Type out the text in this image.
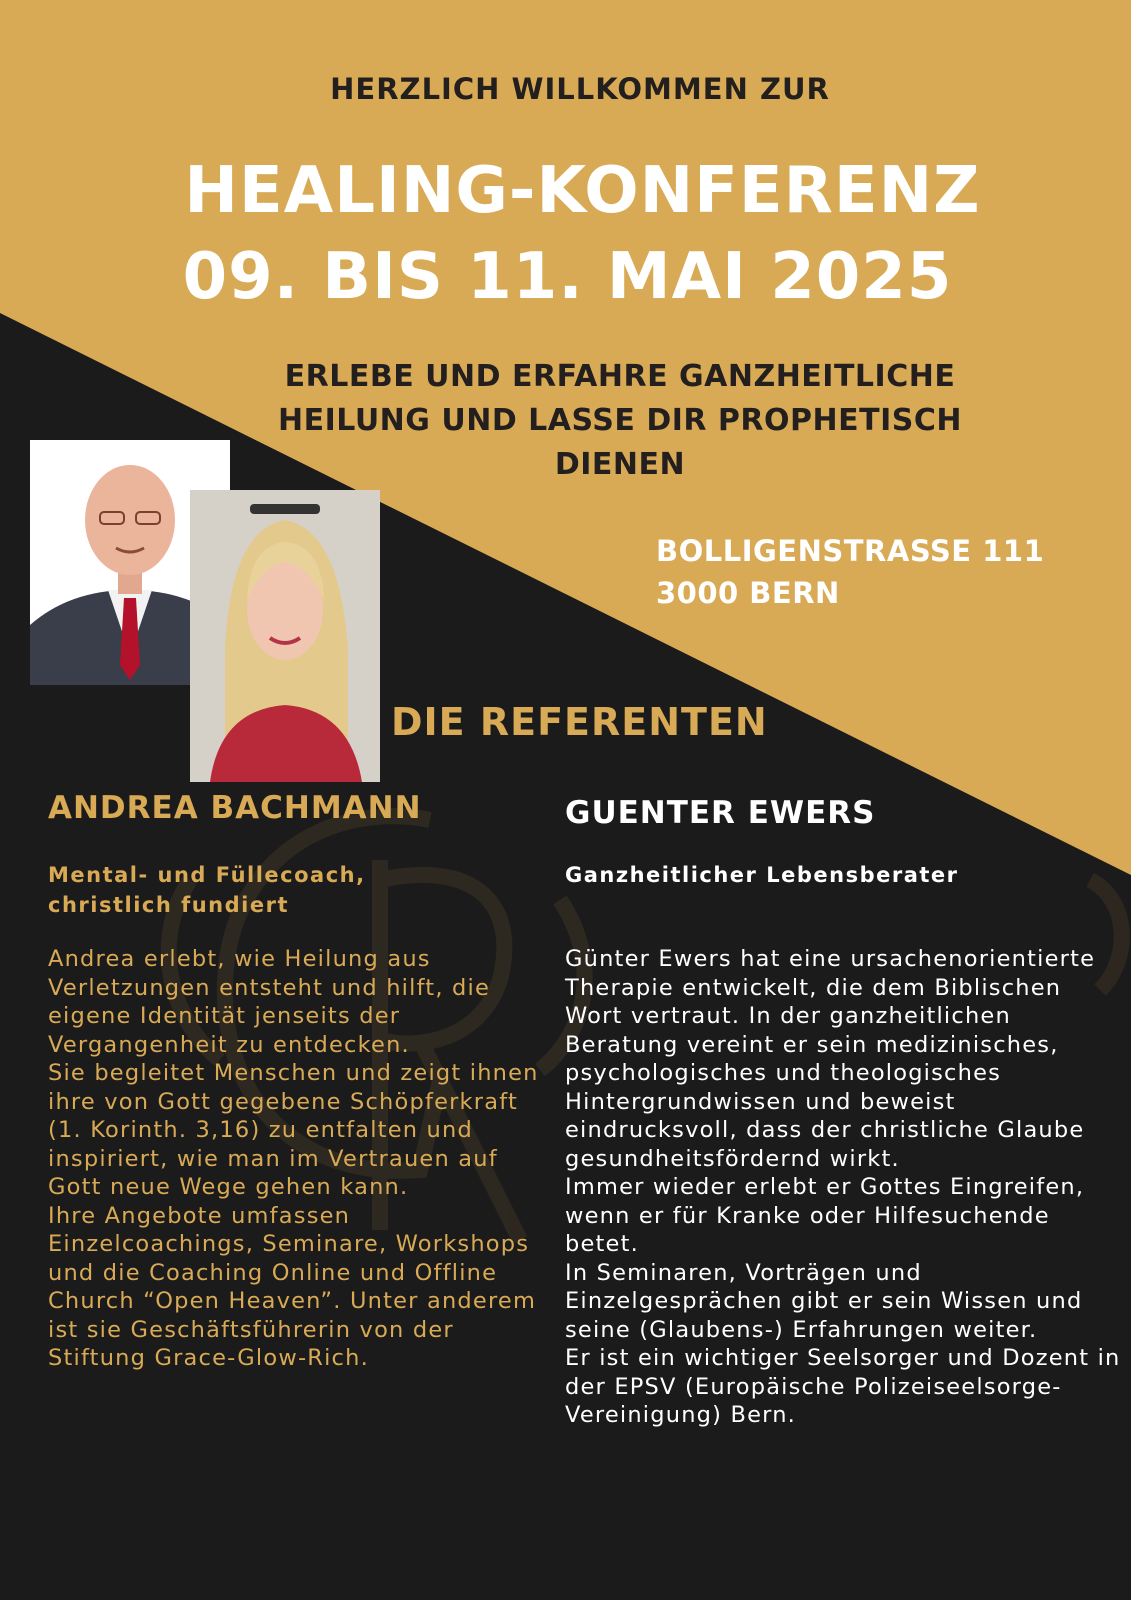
HERZLICH WILLKOMMEN ZUR

HEALING-KONFERENZ

09. BIS 11. MAI 2025

ERLEBE UND ERFAHRE GANZHEITLICHE
HEILUNG UND LASSE DIR PROPHETISCH
DIENEN
BOLLIGENSTRASSE 111
3000 BERN

DIE REFERENTEN

ANDREA BACHMANN

Mental- und Füllecoach, christlich fundiert

Andrea erlebt, wie Heilung aus Verletzungen entsteht und hilft, die eigene Identität jenseits der Vergangenheit zu entdecken.
Sie begleitet Menschen und zeigt ihnen ihre von Gott gegebene Schöpferkraft (1. Korinth. 3,16) zu entfalten und inspiriert, wie man im Vertrauen auf Gott neue Wege gehen kann.
Ihre Angebote umfassen Einzelcoachings, Seminare, Workshops und die Coaching Online und Offline Church “Open Heaven”. Unter anderem ist sie Geschäftsführerin von der Stiftung Grace-Glow-Rich.

GUENTER EWERS

Ganzheitlicher Lebensberater

Günter Ewers hat eine ursachenorientierte Therapie entwickelt, die dem Biblischen Wort vertraut. In der ganzheitlichen Beratung vereint er sein medizinisches, psychologisches und theologisches Hintergrundwissen und beweist eindrucksvoll, dass der christliche Glaube gesundheitsfördernd wirkt.
Immer wieder erlebt er Gottes Eingreifen, wenn er für Kranke oder Hilfesuchende betet.
In Seminaren, Vorträgen und Einzelgesprächen gibt er sein Wissen und seine (Glaubens-) Erfahrungen weiter.
Er ist ein wichtiger Seelsorger und Dozent in der EPSV (Europäische Polizeiseelsorge-Vereinigung) Bern.
